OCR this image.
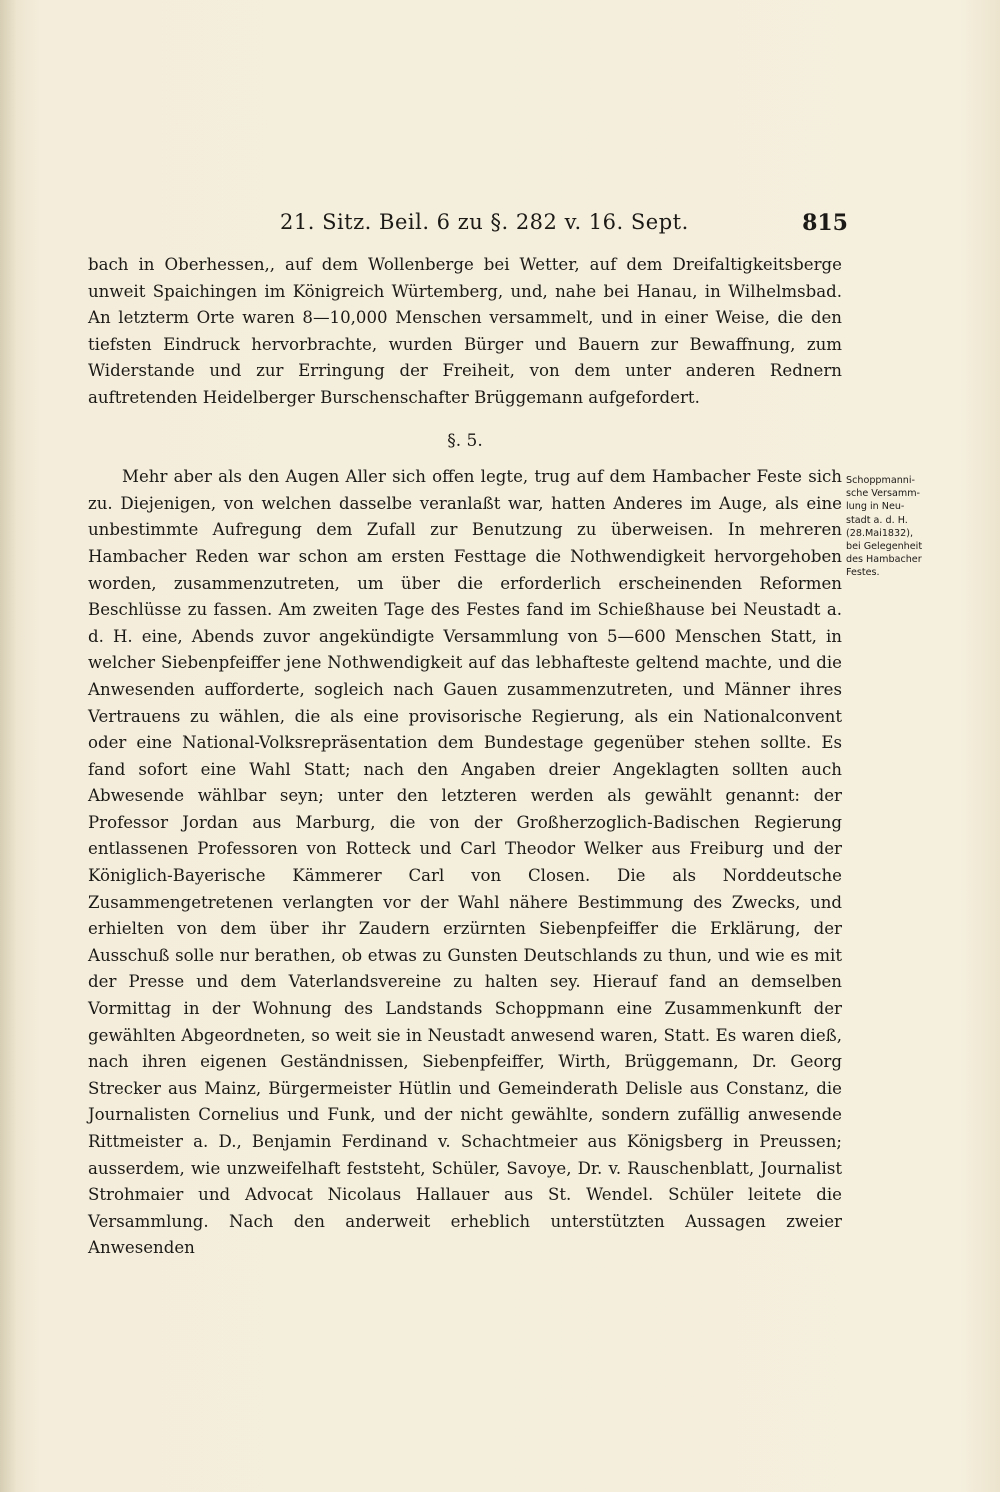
21. Sitz. Beil. 6 zu §. 282 v. 16. Sept.	815

bach in Oberhessen,, auf dem Wollenberge bei Wetter, auf dem Dreifaltigkeitsberge unweit Spaichingen im Königreich Würtemberg, und, nahe bei Hanau, in Wilhelmsbad. An letzterm Orte waren 8—10,000 Menschen versammelt, und in einer Weise, die den tiefsten Eindruck hervorbrachte, wurden Bürger und Bauern zur Bewaffnung, zum Widerstande und zur Erringung der Freiheit, von dem unter anderen Rednern auftretenden Heidelberger Burschenschafter Brüggemann aufgefordert.

§. 5.

Mehr aber als den Augen Aller sich offen legte, trug auf dem Hambacher Feste sich zu. Diejenigen, von welchen dasselbe veranlaßt war, hatten Anderes im Auge, als eine unbestimmte Aufregung dem Zufall zur Benutzung zu überweisen. In mehreren Hambacher Reden war schon am ersten Festtage die Nothwendigkeit hervorgehoben worden, zusammenzutreten, um über die erforderlich erscheinenden Reformen Beschlüsse zu fassen. Am zweiten Tage des Festes fand im Schießhause bei Neustadt a. d. H. eine, Abends zuvor angekündigte Versammlung von 5—600 Menschen Statt, in welcher Siebenpfeiffer jene Nothwendigkeit auf das lebhafteste geltend machte, und die Anwesenden aufforderte, sogleich nach Gauen zusammenzutreten, und Männer ihres Vertrauens zu wählen, die als eine provisorische Regierung, als ein Nationalconvent oder eine National-Volksrepräsentation dem Bundestage gegenüber stehen sollte. Es fand sofort eine Wahl Statt; nach den Angaben dreier Angeklagten sollten auch Abwesende wählbar seyn; unter den letzteren werden als gewählt genannt: der Professor Jordan aus Marburg, die von der Großherzoglich-Badischen Regierung entlassenen Professoren von Rotteck und Carl Theodor Welker aus Freiburg und der Königlich-Bayerische Kämmerer Carl von Closen. Die als Norddeutsche Zusammengetretenen verlangten vor der Wahl nähere Bestimmung des Zwecks, und erhielten von dem über ihr Zaudern erzürnten Siebenpfeiffer die Erklärung, der Ausschuß solle nur berathen, ob etwas zu Gunsten Deutschlands zu thun, und wie es mit der Presse und dem Vaterlandsvereine zu halten sey. Hierauf fand an demselben Vormittag in der Wohnung des Landstands Schoppmann eine Zusammenkunft der gewählten Abgeordneten, so weit sie in Neustadt anwesend waren, Statt. Es waren dieß, nach ihren eigenen Geständnissen, Siebenpfeiffer, Wirth, Brüggemann, Dr. Georg Strecker aus Mainz, Bürgermeister Hütlin und Gemeinderath Delisle aus Constanz, die Journalisten Cornelius und Funk, und der nicht gewählte, sondern zufällig anwesende Rittmeister a. D., Benjamin Ferdinand v. Schachtmeier aus Königsberg in Preussen; ausserdem, wie unzweifelhaft feststeht, Schüler, Savoye, Dr. v. Rauschenblatt, Journalist Strohmaier und Advocat Nicolaus Hallauer aus St. Wendel. Schüler leitete die Versammlung. Nach den anderweit erheblich unterstützten Aussagen zweier Anwesenden

Schoppmanni-
sche Versamm-
lung in Neu-
stadt a. d. H.
(28.Mai1832),
bei Gelegenheit
des Hambacher
Festes.
